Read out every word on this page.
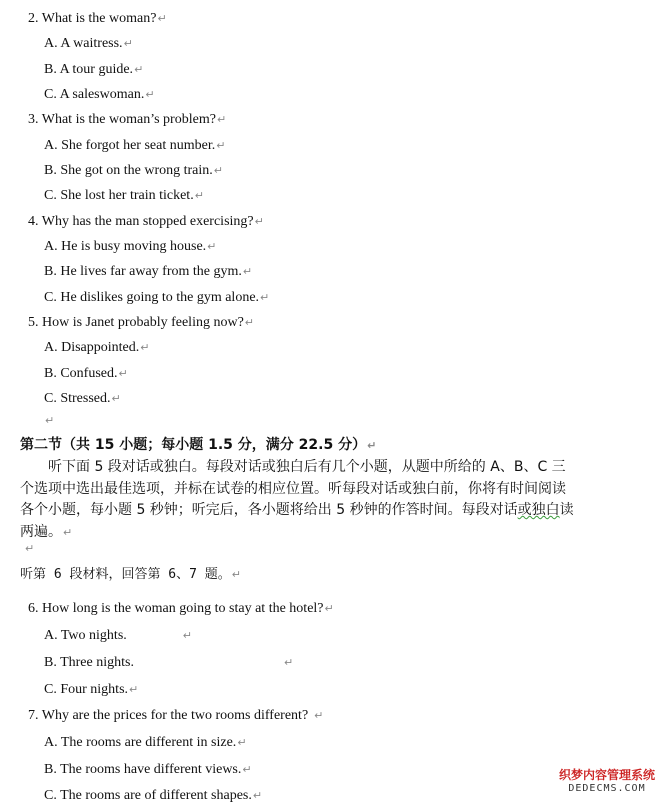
2. What is the woman?↵
A. A waitress.↵
B. A tour guide.↵
C. A saleswoman.↵
3. What is the woman’s problem?↵
A. She forgot her seat number.↵
B. She got on the wrong train.↵
C. She lost her train ticket.↵
4. Why has the man stopped exercising?↵
A. He is busy moving house.↵
B. He lives far away from the gym.↵
C. He dislikes going to the gym alone.↵
5. How is Janet probably feeling now?↵
A. Disappointed.↵
B. Confused.↵
C. Stressed.↵
↵
第二节（共 15 小题；每小题 1.5 分，满分 22.5 分）↵
听下面 5 段对话或独白。每段对话或独白后有几个小题，从题中所给的 A、B、C 三个选项中选出最佳选项，并标在试卷的相应位置。听每段对话或独白前，你将有时间阅读各个小题，每小题 5 秒钟；听完后，各小题将给出 5 秒钟的作答时间。每段对话或独白读两遍。↵
↵
听第 6 段材料，回答第 6、7 题。↵
6. How long is the woman going to stay at the hotel?↵
A. Two nights.	↵
B. Three nights.	↵
C. Four nights.↵
7. Why are the prices for the two rooms different? ↵
A. The rooms are different in size.↵
B. The rooms have different views.↵
C. The rooms are of different shapes.↵
织梦内容管理系统
DEDECMS.COM
